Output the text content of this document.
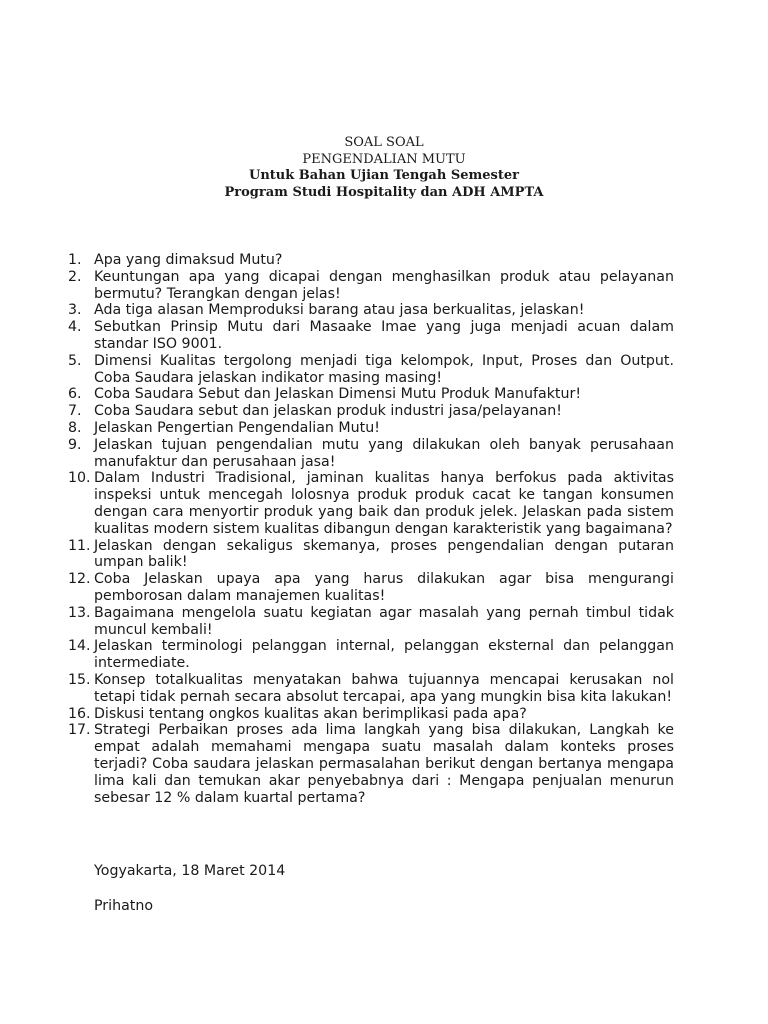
SOAL SOAL
PENGENDALIAN MUTU
Untuk Bahan Ujian Tengah Semester
Program Studi Hospitality dan ADH AMPTA
1. Apa yang dimaksud Mutu?
2. Keuntungan apa yang dicapai dengan menghasilkan produk atau pelayanan bermutu? Terangkan dengan jelas!
3. Ada tiga alasan Memproduksi barang atau jasa berkualitas, jelaskan!
4. Sebutkan Prinsip Mutu dari Masaake Imae yang juga menjadi acuan dalam standar ISO 9001.
5. Dimensi Kualitas tergolong menjadi tiga kelompok, Input, Proses dan Output. Coba Saudara jelaskan indikator masing masing!
6. Coba Saudara Sebut dan Jelaskan Dimensi Mutu Produk Manufaktur!
7. Coba Saudara sebut dan jelaskan produk industri jasa/pelayanan!
8. Jelaskan Pengertian Pengendalian Mutu!
9. Jelaskan tujuan pengendalian mutu yang dilakukan oleh banyak perusahaan manufaktur dan perusahaan jasa!
10. Dalam Industri Tradisional, jaminan kualitas hanya berfokus pada aktivitas inspeksi untuk mencegah lolosnya produk produk cacat ke tangan konsumen dengan cara menyortir produk yang baik dan produk jelek. Jelaskan pada sistem kualitas modern sistem kualitas dibangun dengan karakteristik yang bagaimana?
11. Jelaskan dengan sekaligus skemanya, proses pengendalian dengan putaran umpan balik!
12. Coba Jelaskan upaya apa yang harus dilakukan agar bisa mengurangi pemborosan dalam manajemen kualitas!
13. Bagaimana mengelola suatu kegiatan agar masalah yang pernah timbul tidak muncul kembali!
14. Jelaskan terminologi pelanggan internal, pelanggan eksternal dan pelanggan intermediate.
15. Konsep totalkualitas menyatakan bahwa tujuannya mencapai kerusakan nol tetapi tidak pernah secara absolut tercapai, apa yang mungkin bisa kita lakukan!
16. Diskusi tentang ongkos kualitas akan berimplikasi pada apa?
17. Strategi Perbaikan proses ada lima langkah yang bisa dilakukan, Langkah ke empat adalah memahami mengapa suatu masalah dalam konteks proses terjadi? Coba saudara jelaskan permasalahan berikut dengan bertanya mengapa lima kali dan temukan akar penyebabnya dari : Mengapa penjualan menurun sebesar 12 % dalam kuartal pertama?
Yogyakarta, 18 Maret 2014
Prihatno
